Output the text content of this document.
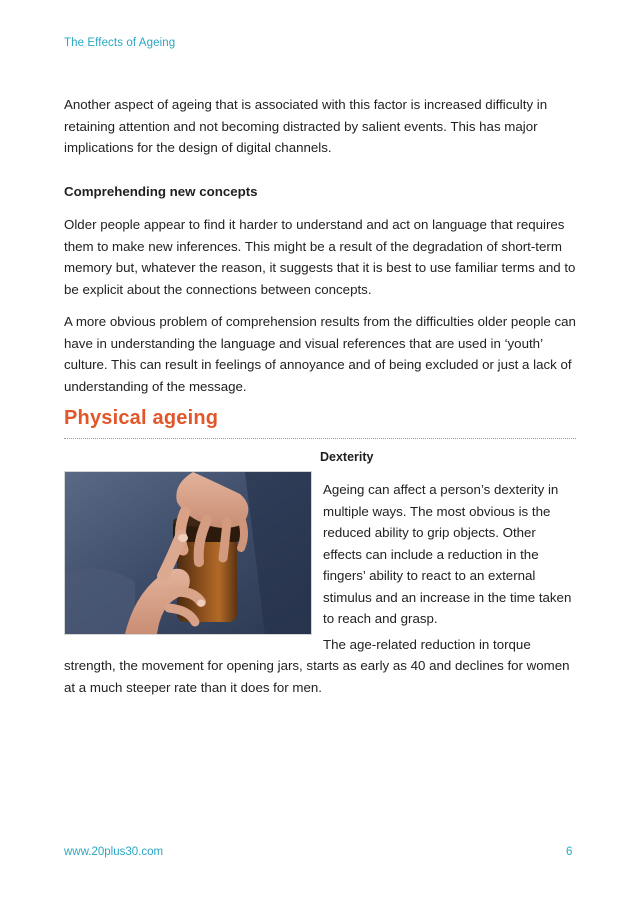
The Effects of Ageing

Another aspect of ageing that is associated with this factor is increased difficulty in retaining attention and not becoming distracted by salient events. This has major implications for the design of digital channels.

Comprehending new concepts

Older people appear to find it harder to understand and act on language that requires them to make new inferences. This might be a result of the degradation of short-term memory but, whatever the reason, it suggests that it is best to use familiar terms and to be explicit about the connections between concepts.

A more obvious problem of comprehension results from the difficulties older people can have in understanding the language and visual references that are used in ‘youth’ culture. This can result in feelings of annoyance and of being excluded or just a lack of understanding of the message.

Physical ageing
Dexterity

Ageing can affect a person’s dexterity in multiple ways. The most obvious is the reduced ability to grip objects. Other effects can include a reduction in the fingers’ ability to react to an external stimulus and an increase in the time taken to reach and grasp.

The age-related reduction in torque

strength, the movement for opening jars, starts as early as 40 and declines for women at a much steeper rate than it does for men.

www.20plus30.com	6
